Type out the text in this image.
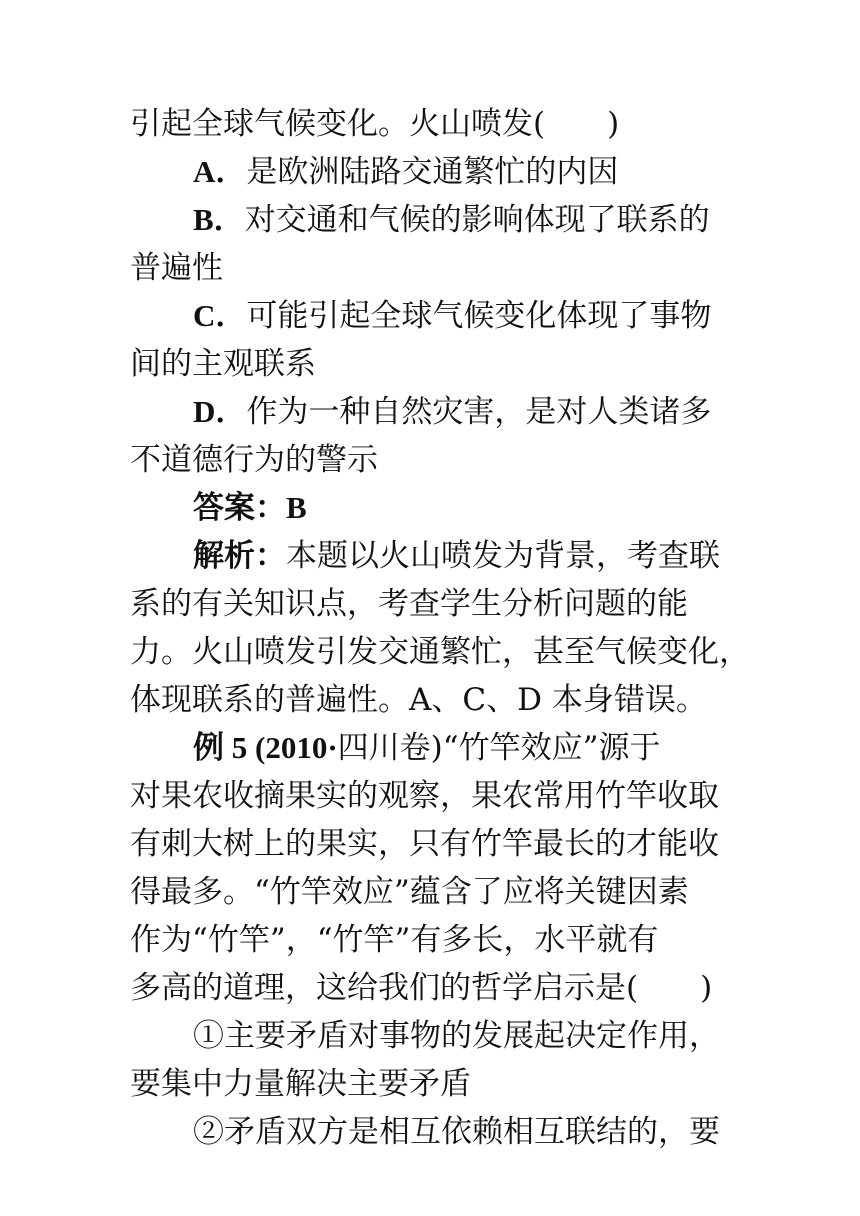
引起全球气候变化。火山喷发(　　)
A．是欧洲陆路交通繁忙的内因
B．对交通和气候的影响体现了联系的
普遍性
C．可能引起全球气候变化体现了事物
间的主观联系
D．作为一种自然灾害，是对人类诸多
不道德行为的警示
答案：B
解析：本题以火山喷发为背景，考查联
系的有关知识点，考查学生分析问题的能
力。火山喷发引发交通繁忙，甚至气候变化，
体现联系的普遍性。A、C、D 本身错误。
例 5 (2010·四川卷)“竹竿效应”源于
对果农收摘果实的观察，果农常用竹竿收取
有刺大树上的果实，只有竹竿最长的才能收
得最多。“竹竿效应”蕴含了应将关键因素
作为“竹竿”，“竹竿”有多长，水平就有
多高的道理，这给我们的哲学启示是(　　)
①主要矛盾对事物的发展起决定作用，
要集中力量解决主要矛盾
②矛盾双方是相互依赖相互联结的，要
